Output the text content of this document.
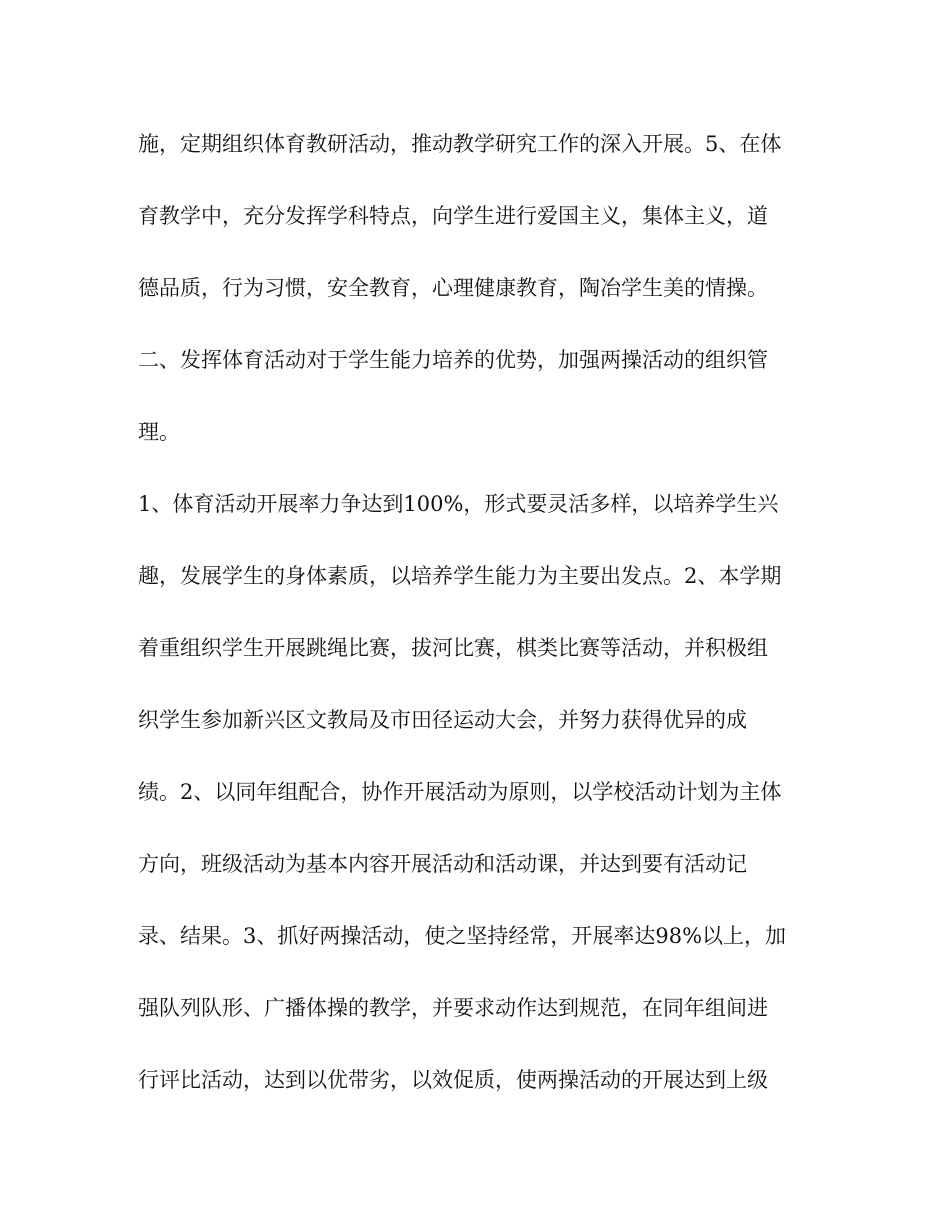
施，定期组织体育教研活动，推动教学研究工作的深入开展。5、在体
育教学中，充分发挥学科特点，向学生进行爱国主义，集体主义，道
德品质，行为习惯，安全教育，心理健康教育，陶冶学生美的情操。
二、发挥体育活动对于学生能力培养的优势，加强两操活动的组织管
理。
1、体育活动开展率力争达到100%，形式要灵活多样，以培养学生兴
趣，发展学生的身体素质，以培养学生能力为主要出发点。2、本学期
着重组织学生开展跳绳比赛，拔河比赛，棋类比赛等活动，并积极组
织学生参加新兴区文教局及市田径运动大会，并努力获得优异的成
绩。2、以同年组配合，协作开展活动为原则，以学校活动计划为主体
方向，班级活动为基本内容开展活动和活动课，并达到要有活动记
录、结果。3、抓好两操活动，使之坚持经常，开展率达98%以上，加
强队列队形、广播体操的教学，并要求动作达到规范，在同年组间进
行评比活动，达到以优带劣，以效促质，使两操活动的开展达到上级
